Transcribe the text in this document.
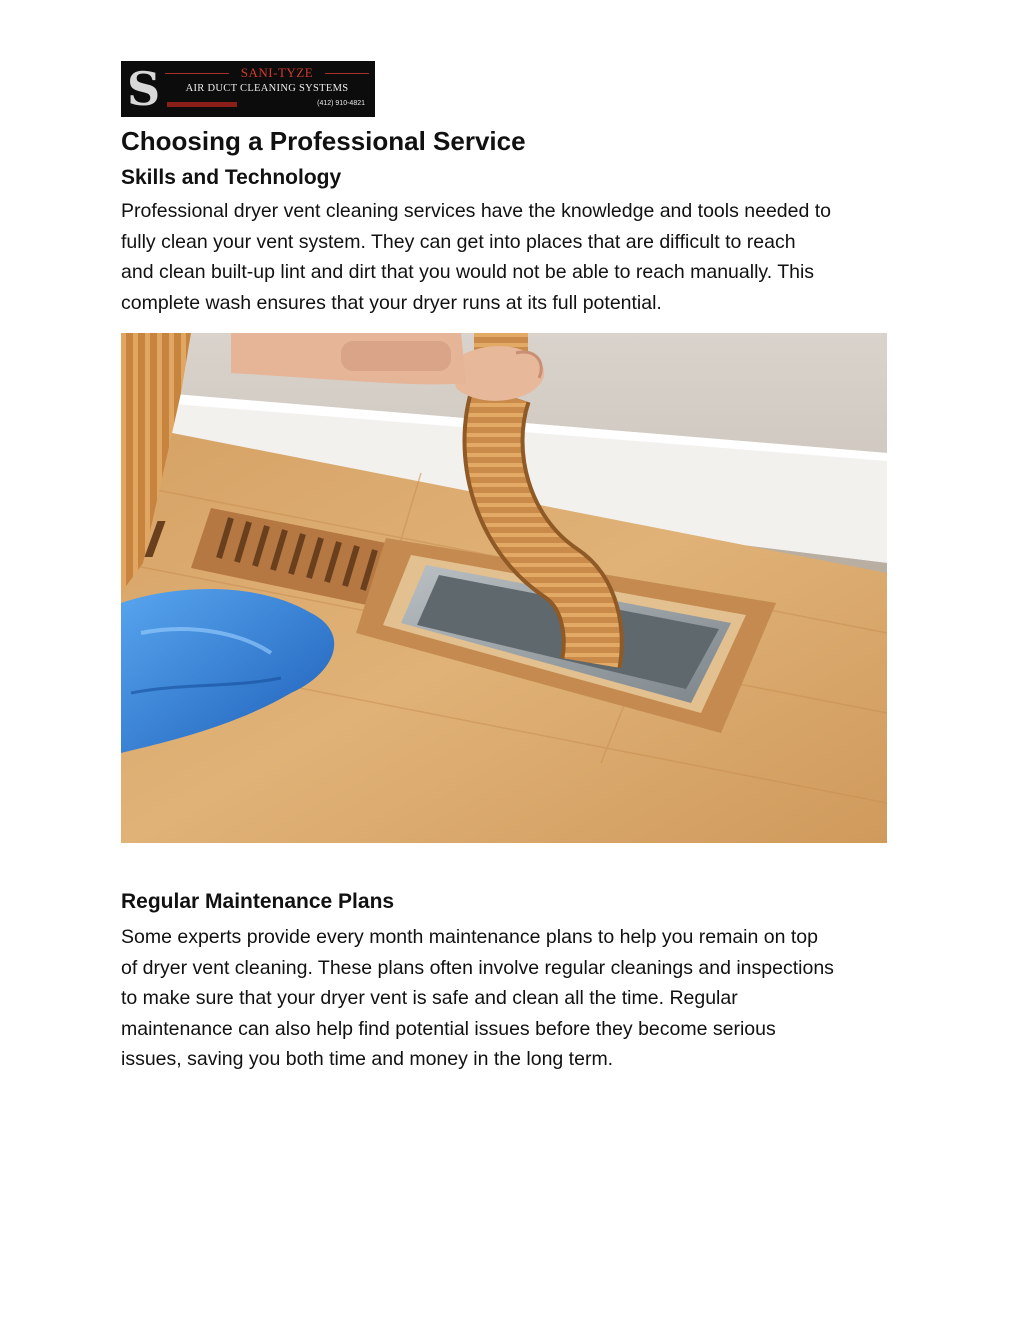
S	SANI-TYZE
AIR DUCT CLEANING SYSTEMS
(412) 910-4821
Choosing a Professional Service
Skills and Technology

Professional dryer vent cleaning services have the knowledge and tools needed to
fully clean your vent system. They can get into places that are difficult to reach
and clean built-up lint and dirt that you would not be able to reach manually. This
complete wash ensures that your dryer runs at its full potential.

Regular Maintenance Plans

Some experts provide every month maintenance plans to help you remain on top
of dryer vent cleaning. These plans often involve regular cleanings and inspections
to make sure that your dryer vent is safe and clean all the time. Regular
maintenance can also help find potential issues before they become serious
issues, saving you both time and money in the long term.
